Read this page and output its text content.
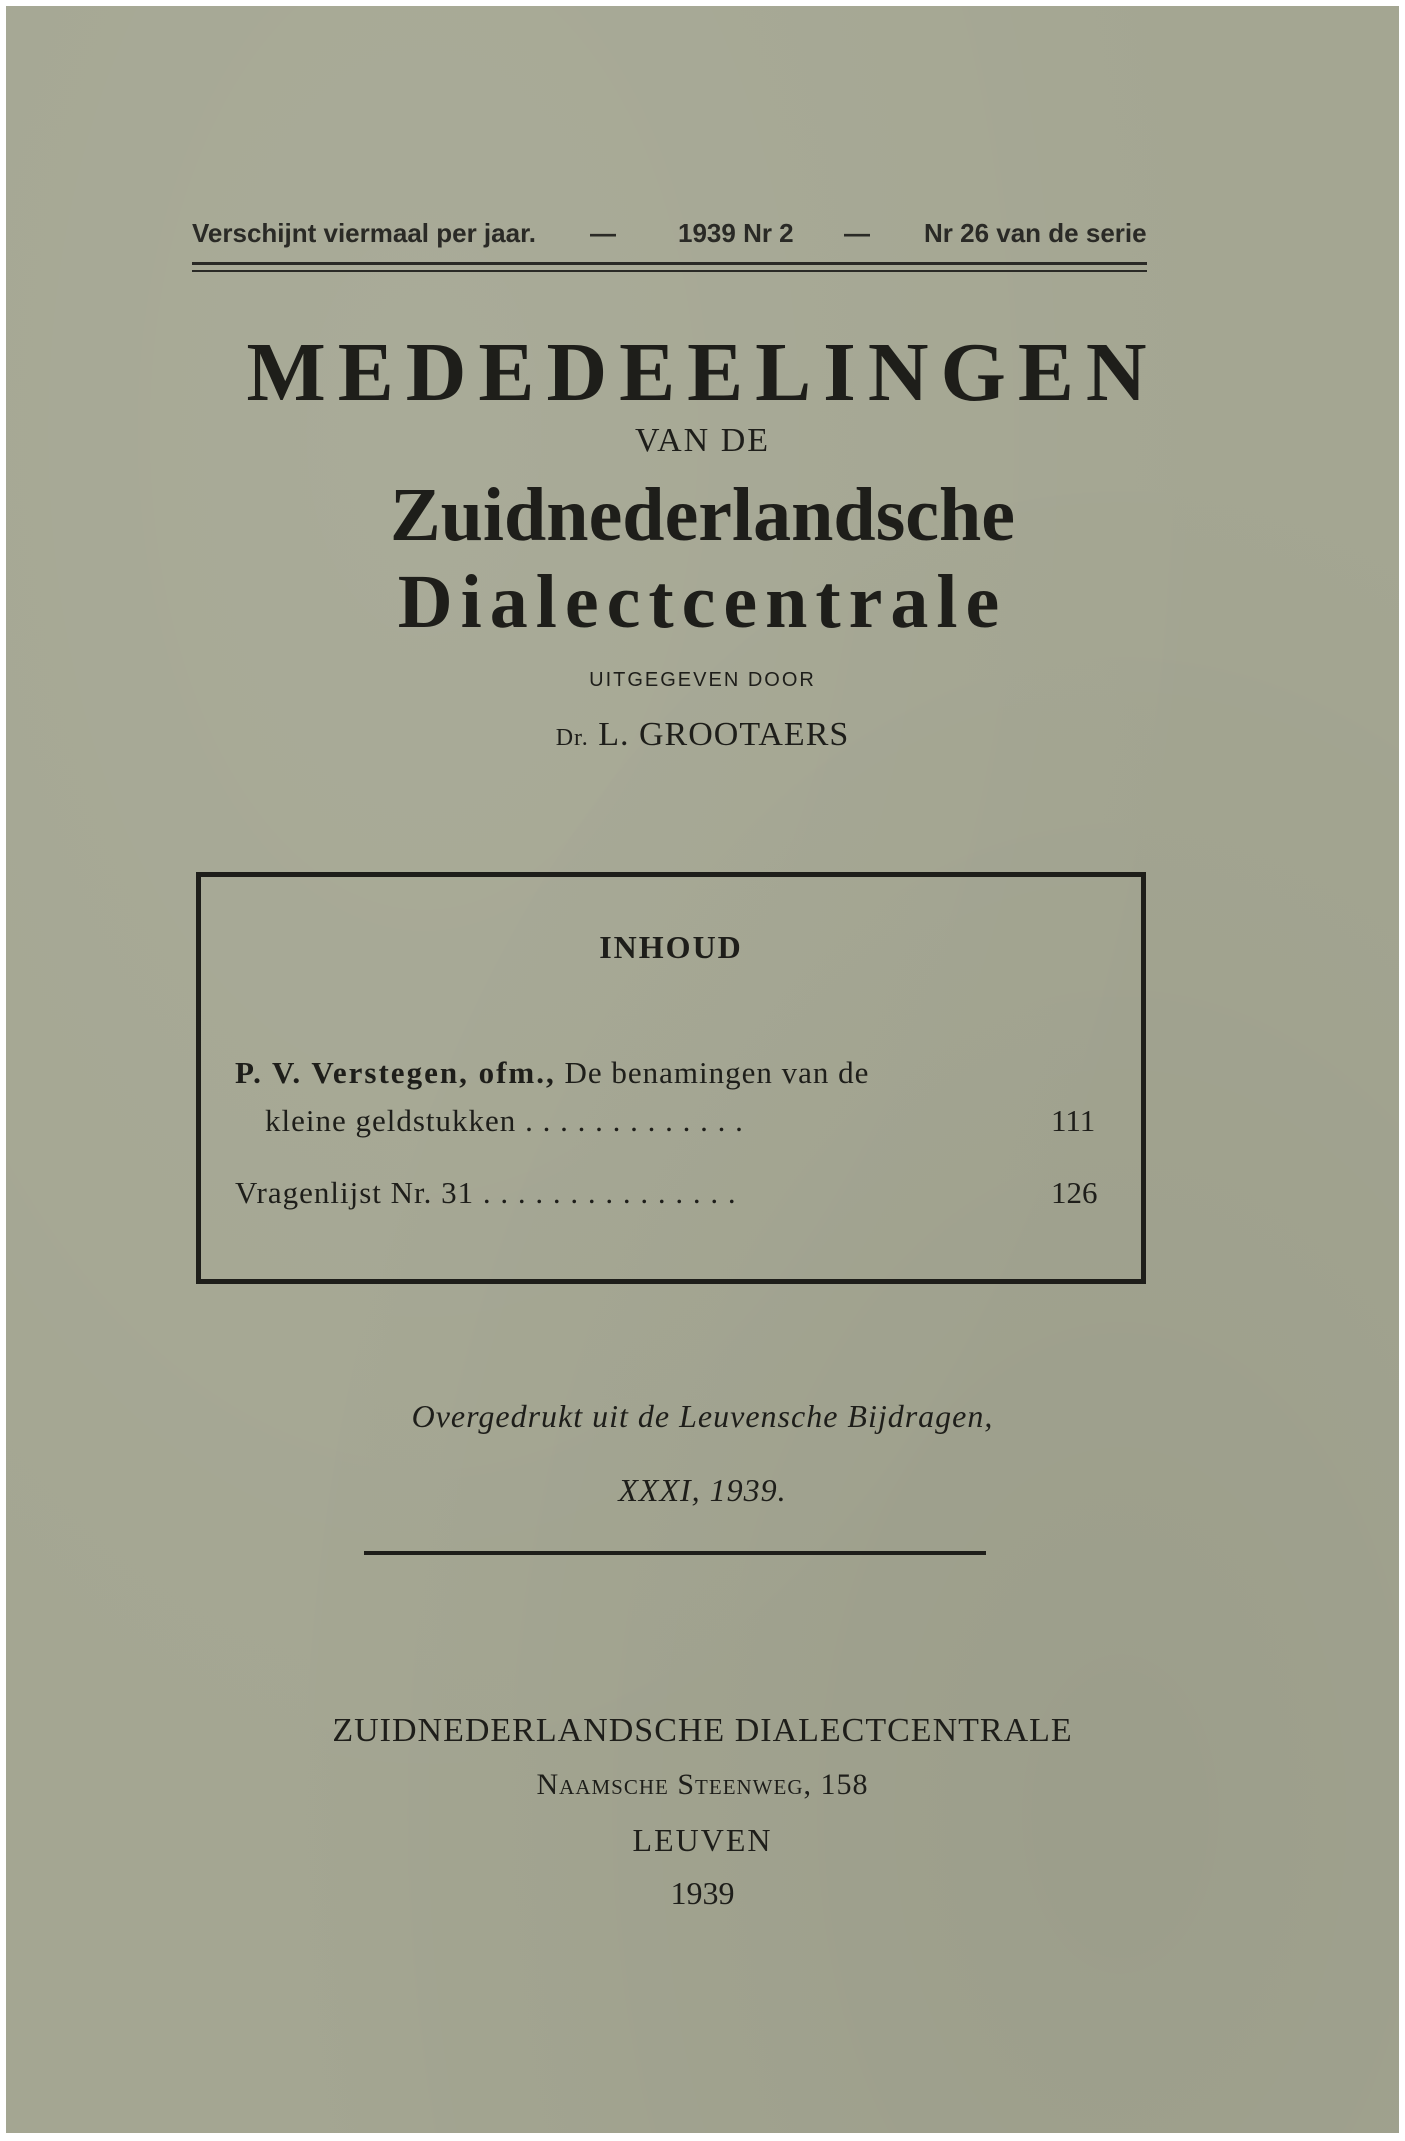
Verschijnt viermaal per jaar. — 1939 Nr 2 — Nr 26 van de serie
MEDEDEELINGEN
VAN DE
Zuidnederlandsche
Dialectcentrale
UITGEGEVEN DOOR
Dr. L. GROOTAERS
INHOUD
P. V. Verstegen, ofm., De benamingen van de
kleine geldstukken . . . . . . . . . . . . .	111
Vragenlijst Nr. 31 . . . . . . . . . . . . . . .	126
Overgedrukt uit de Leuvensche Bijdragen,
XXXI, 1939.
ZUIDNEDERLANDSCHE DIALECTCENTRALE
Naamsche Steenweg, 158
LEUVEN
1939
